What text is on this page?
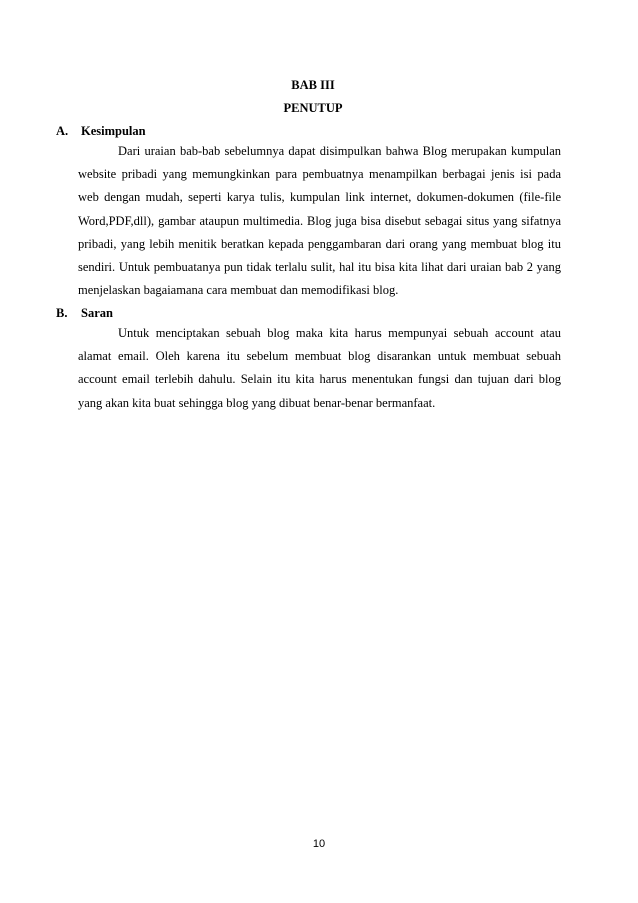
BAB III
PENUTUP
A. Kesimpulan
Dari uraian bab-bab sebelumnya dapat disimpulkan bahwa Blog merupakan kumpulan website pribadi yang memungkinkan para pembuatnya menampilkan berbagai jenis isi pada web dengan mudah, seperti karya tulis, kumpulan link internet, dokumen-dokumen (file-file Word,PDF,dll), gambar ataupun multimedia. Blog juga bisa disebut sebagai situs yang sifatnya pribadi, yang lebih menitik beratkan kepada penggambaran dari orang yang membuat blog itu sendiri. Untuk pembuatanya pun tidak terlalu sulit, hal itu bisa kita lihat dari uraian bab 2 yang menjelaskan bagaiamana cara membuat dan memodifikasi blog.
B. Saran
Untuk menciptakan sebuah blog maka kita harus mempunyai sebuah account atau alamat email. Oleh karena itu sebelum membuat blog disarankan untuk membuat sebuah account email terlebih dahulu. Selain itu kita harus menentukan fungsi dan tujuan dari blog yang akan kita buat sehingga blog yang dibuat benar-benar bermanfaat.
10
